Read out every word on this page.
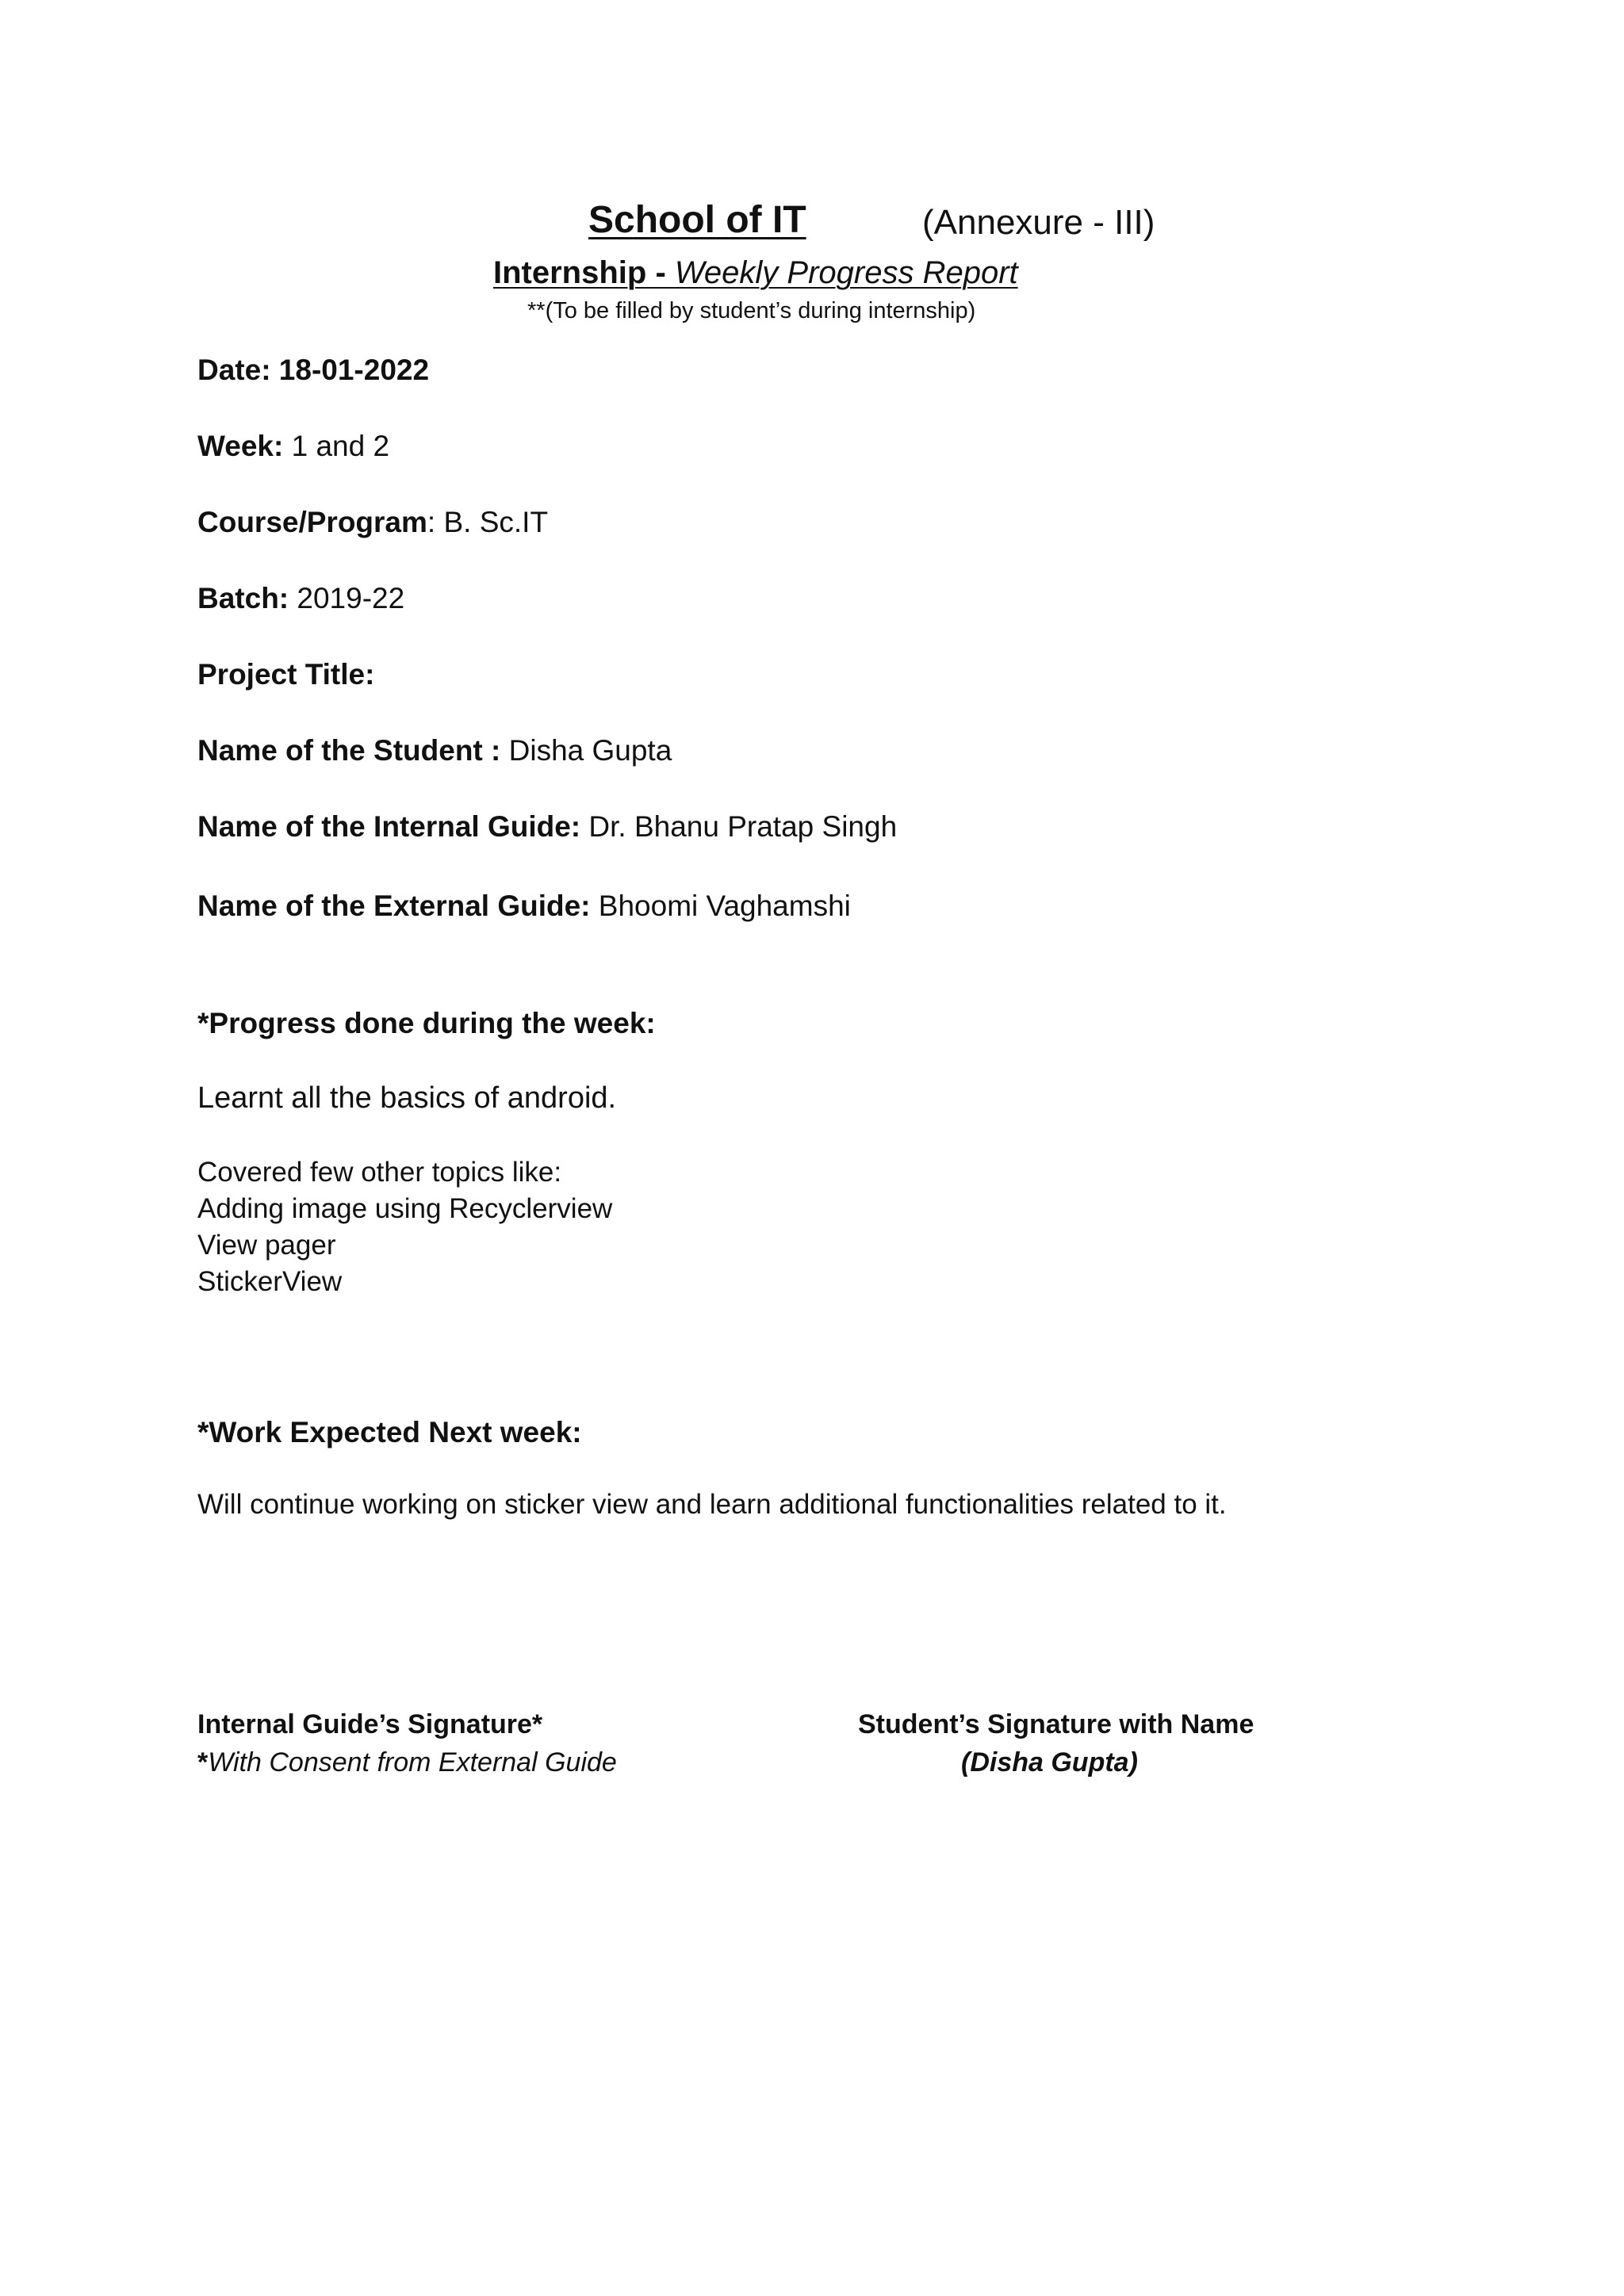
School of IT	(Annexure - III)
Internship - Weekly Progress Report
**(To be filled by student’s during internship)
Date: 18-01-2022
Week: 1 and 2
Course/Program: B. Sc.IT
Batch: 2019-22
Project Title:
Name of the Student : Disha Gupta
Name of the Internal Guide: Dr. Bhanu Pratap Singh
Name of the External Guide: Bhoomi Vaghamshi
*Progress done during the week:
Learnt all the basics of android.
Covered few other topics like:
Adding image using Recyclerview
View pager
StickerView
*Work Expected Next week:
Will continue working on sticker view and learn additional functionalities related to it.
Internal Guide’s Signature*
*With Consent from External Guide
Student’s Signature with Name
(Disha Gupta)
